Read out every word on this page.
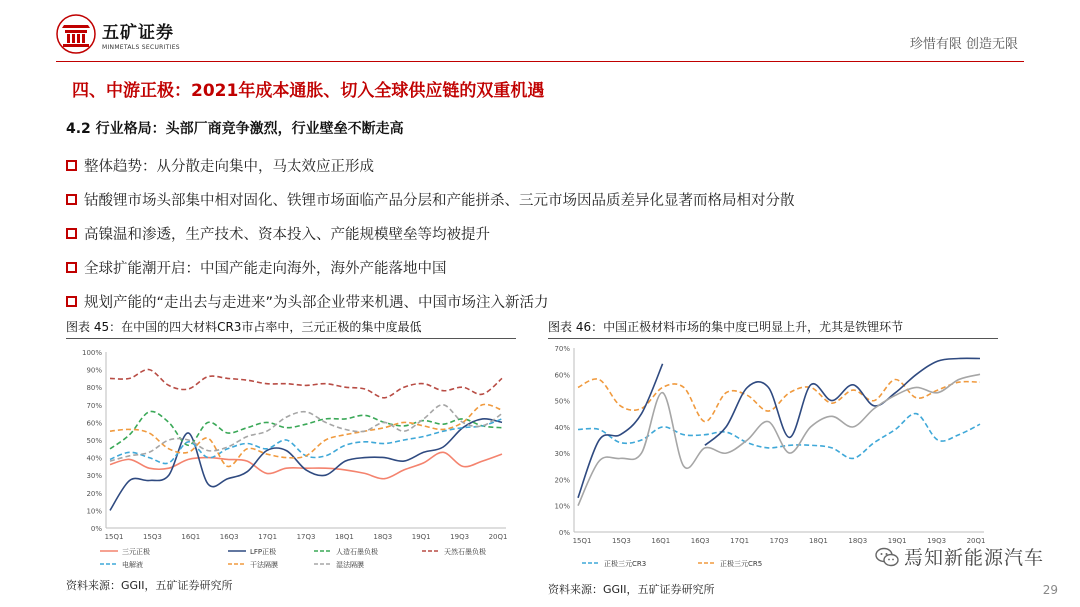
五矿证券
MINMETALS SECURITIES	珍惜有限 创造无限
四、中游正极：2021年成本通胀、切入全球供应链的双重机遇
4.2 行业格局：头部厂商竞争激烈，行业壁垒不断走高
整体趋势：从分散走向集中，马太效应正形成
钴酸锂市场头部集中相对固化、铁锂市场面临产品分层和产能拼杀、三元市场因品质差异化显著而格局相对分散
高镍温和渗透，生产技术、资本投入、产能规模壁垒等均被提升
全球扩能潮开启：中国产能走向海外，海外产能落地中国
规划产能的“走出去与走进来”为头部企业带来机遇、中国市场注入新活力
图表 45：在中国的四大材料CR3市占率中，三元正极的集中度最低	图表 46：中国正极材料市场的集中度已明显上升，尤其是铁锂环节
0%
10%
20%
30%
40%
50%
60%
70%
80%
90%
100%
15Q1	15Q3	16Q1	16Q3	17Q1	17Q3	18Q1	18Q3	19Q1	19Q3	20Q1
三元正极	LFP正极	人造石墨负极	天然石墨负极
电解液	干法隔膜	湿法隔膜
0%
10%
20%
30%
40%
50%
60%
70%
15Q1	15Q3	16Q1	16Q3	17Q1	17Q3	18Q1	18Q3	19Q1	19Q3	20Q1
正极三元CR3	正极三元CR5
资料来源：GGII，五矿证券研究所	资料来源：GGII，五矿证券研究所
焉知新能源汽车
29
